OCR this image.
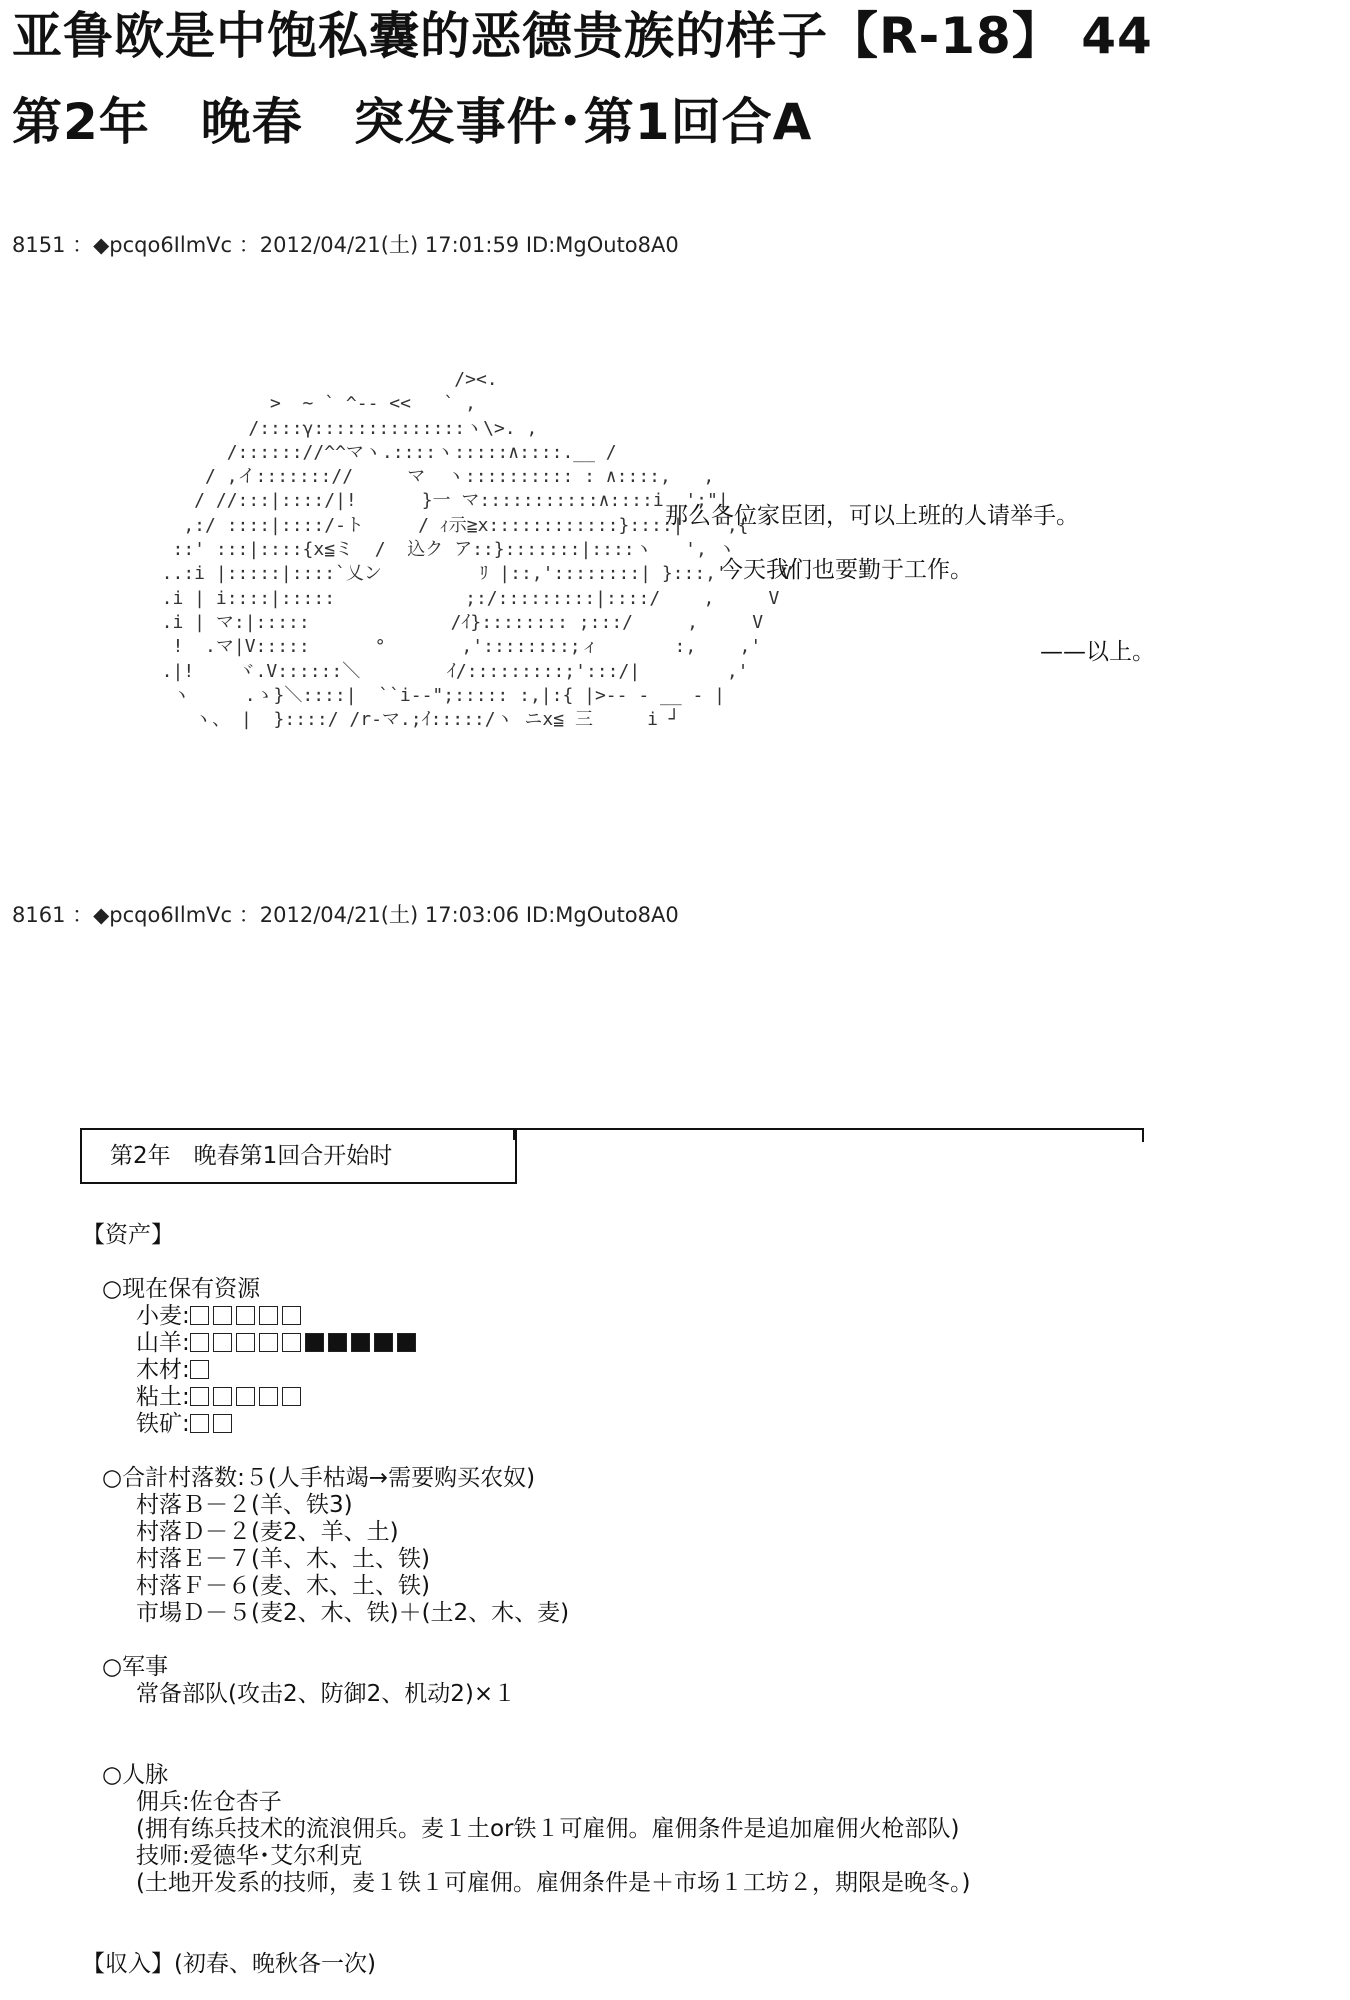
亚鲁欧是中饱私囊的恶德贵族的样子【R-18】 44
第2年　晚春　突发事件･第1回合A
8151 ：◆pcqo6IlmVc ：2012/04/21(土) 17:01:59 ID:MgOuto8A0
/><.
>  ~ ` ^-- <<   ` ,
/::::γ::::::::::::::ヽ\>. ,
/:::::://^^マヽ.::::ヽ:::::∧::::.__ /
/ ,イ::::::://     マ  ヽ:::::::::: : ∧::::,   ,
/ //:::|::::/|!      }一 マ:::::::::::∧::::i  ';"|
,:/ ::::|::::/-ト     / ｨ示≧x::::::::::::}::::|   ',{
::' :::|::::{x≦ミ  /  込ク ア::}:::::::|::::ヽ   ', ヽ
..:i |:::::|::::`乂ン         ﾘ |::,'::::::::| }:::,'     V
.i | i::::|:::::            ;:/:::::::::|::::/    ,     V
.i | マ:|:::::             /ｲ}:::::::: ;:::/     ,     V
!  .マ|V:::::      °       ,'::::::::;ィ       :,    ,'
.|!    ヾ.V::::::＼        ｲ/:::::::::;':::/|        ,'
ヽ     .ゝ}＼::::|  ``i--";::::: :,|:{ |>-- - __ - |
ヽ、 |  }::::/ /r-マ.;ｲ:::::/ヽ ニx≦ 三     i ┘
那么各位家臣团，可以上班的人请举手。
今天我们也要勤于工作。
——以上。
8161 ：◆pcqo6IlmVc ：2012/04/21(土) 17:03:06 ID:MgOuto8A0
第2年　晚春第1回合开始时
【资产】
○现在保有资源
小麦:
山羊:
木材:
粘土:
铁矿:
○合計村落数:５(人手枯竭→需要购买农奴)
村落Ｂ－２(羊、铁3)
村落Ｄ－２(麦2、羊、土)
村落Ｅ－７(羊、木、土、铁)
村落Ｆ－６(麦、木、土、铁)
市場Ｄ－５(麦2、木、铁)＋(土2、木、麦)
○军事
常备部队(攻击2、防御2、机动2)×１
○人脉
佣兵:佐仓杏子
(拥有练兵技术的流浪佣兵。麦１土or铁１可雇佣。雇佣条件是追加雇佣火枪部队)
技师:爱德华･艾尔利克
(土地开发系的技师，麦１铁１可雇佣。雇佣条件是＋市场１工坊２，期限是晚冬。)
【収入】(初春、晚秋各一次)
